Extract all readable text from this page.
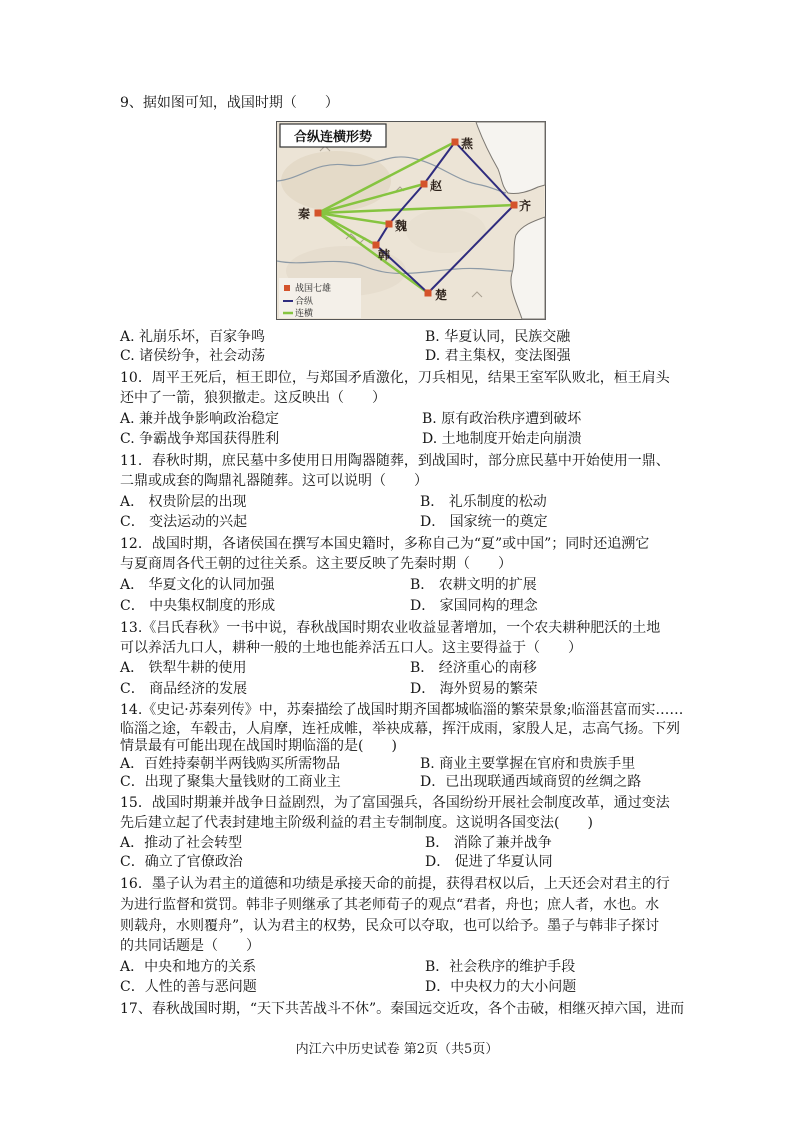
9、据如图可知，战国时期（　　）
合纵连横形势	燕
赵
齐
秦
魏
韩
楚
战国七雄
合纵
连横
A. 礼崩乐坏，百家争鸣	B. 华夏认同，民族交融
C. 诸侯纷争，社会动荡	D. 君主集权，变法图强
10．周平王死后，桓王即位，与郑国矛盾激化，刀兵相见，结果王室军队败北，桓王肩头
还中了一箭，狼狈撤走。这反映出（　　）
A. 兼并战争影响政治稳定	B. 原有政治秩序遭到破坏
C. 争霸战争郑国获得胜利	D. 土地制度开始走向崩溃
11．春秋时期，庶民墓中多使用日用陶器随葬，到战国时，部分庶民墓中开始使用一鼎、
二鼎或成套的陶鼎礼器随葬。这可以说明（　　）
A． 权贵阶层的出现	B． 礼乐制度的松动
C． 变法运动的兴起	D． 国家统一的奠定
12．战国时期，各诸侯国在撰写本国史籍时，多称自己为“夏”或中国”；同时还追溯它
与夏商周各代王朝的过往关系。这主要反映了先秦时期（　　）
A． 华夏文化的认同加强	B． 农耕文明的扩展
C． 中央集权制度的形成	D． 家国同构的理念
13.《吕氏春秋》一书中说，春秋战国时期农业收益显著增加，一个农夫耕种肥沃的土地
可以养活九口人，耕种一般的土地也能养活五口人。这主要得益于（　　）
A． 铁犁牛耕的使用	B． 经济重心的南移
C． 商品经济的发展	D． 海外贸易的繁荣
14.《史记·苏秦列传》中，苏秦描绘了战国时期齐国都城临淄的繁荣景象;临淄甚富而实……
临淄之途，车毂击，人肩摩，连衽成帷，举袂成幕，挥汗成雨，家殷人足，志高气扬。下列
情景最有可能出现在战国时期临淄的是(　　)
A．百姓持秦朝半两钱购买所需物品	B. 商业主要掌握在官府和贵族手里
C．出现了聚集大量钱财的工商业主	D．已出现联通西域商贸的丝绸之路
15．战国时期兼并战争日益剧烈，为了富国强兵，各国纷纷开展社会制度改革，通过变法
先后建立起了代表封建地主阶级利益的君主专制制度。这说明各国变法(　　)
A．推动了社会转型	B． 消除了兼并战争
C．确立了官僚政治	D． 促进了华夏认同
16．墨子认为君主的道德和功绩是承接天命的前提，获得君权以后，上天还会对君主的行
为进行监督和赏罚。韩非子则继承了其老师荀子的观点“君者，舟也；庶人者，水也。水
则载舟，水则覆舟”，认为君主的权势，民众可以夺取，也可以给予。墨子与韩非子探讨
的共同话题是（　　）
A．中央和地方的关系	B．社会秩序的维护手段
C．人性的善与恶问题	D．中央权力的大小问题
17、春秋战国时期，“天下共苦战斗不休”。秦国远交近攻，各个击破，相继灭掉六国，进而
内江六中历史试卷 第2页（共5页）
